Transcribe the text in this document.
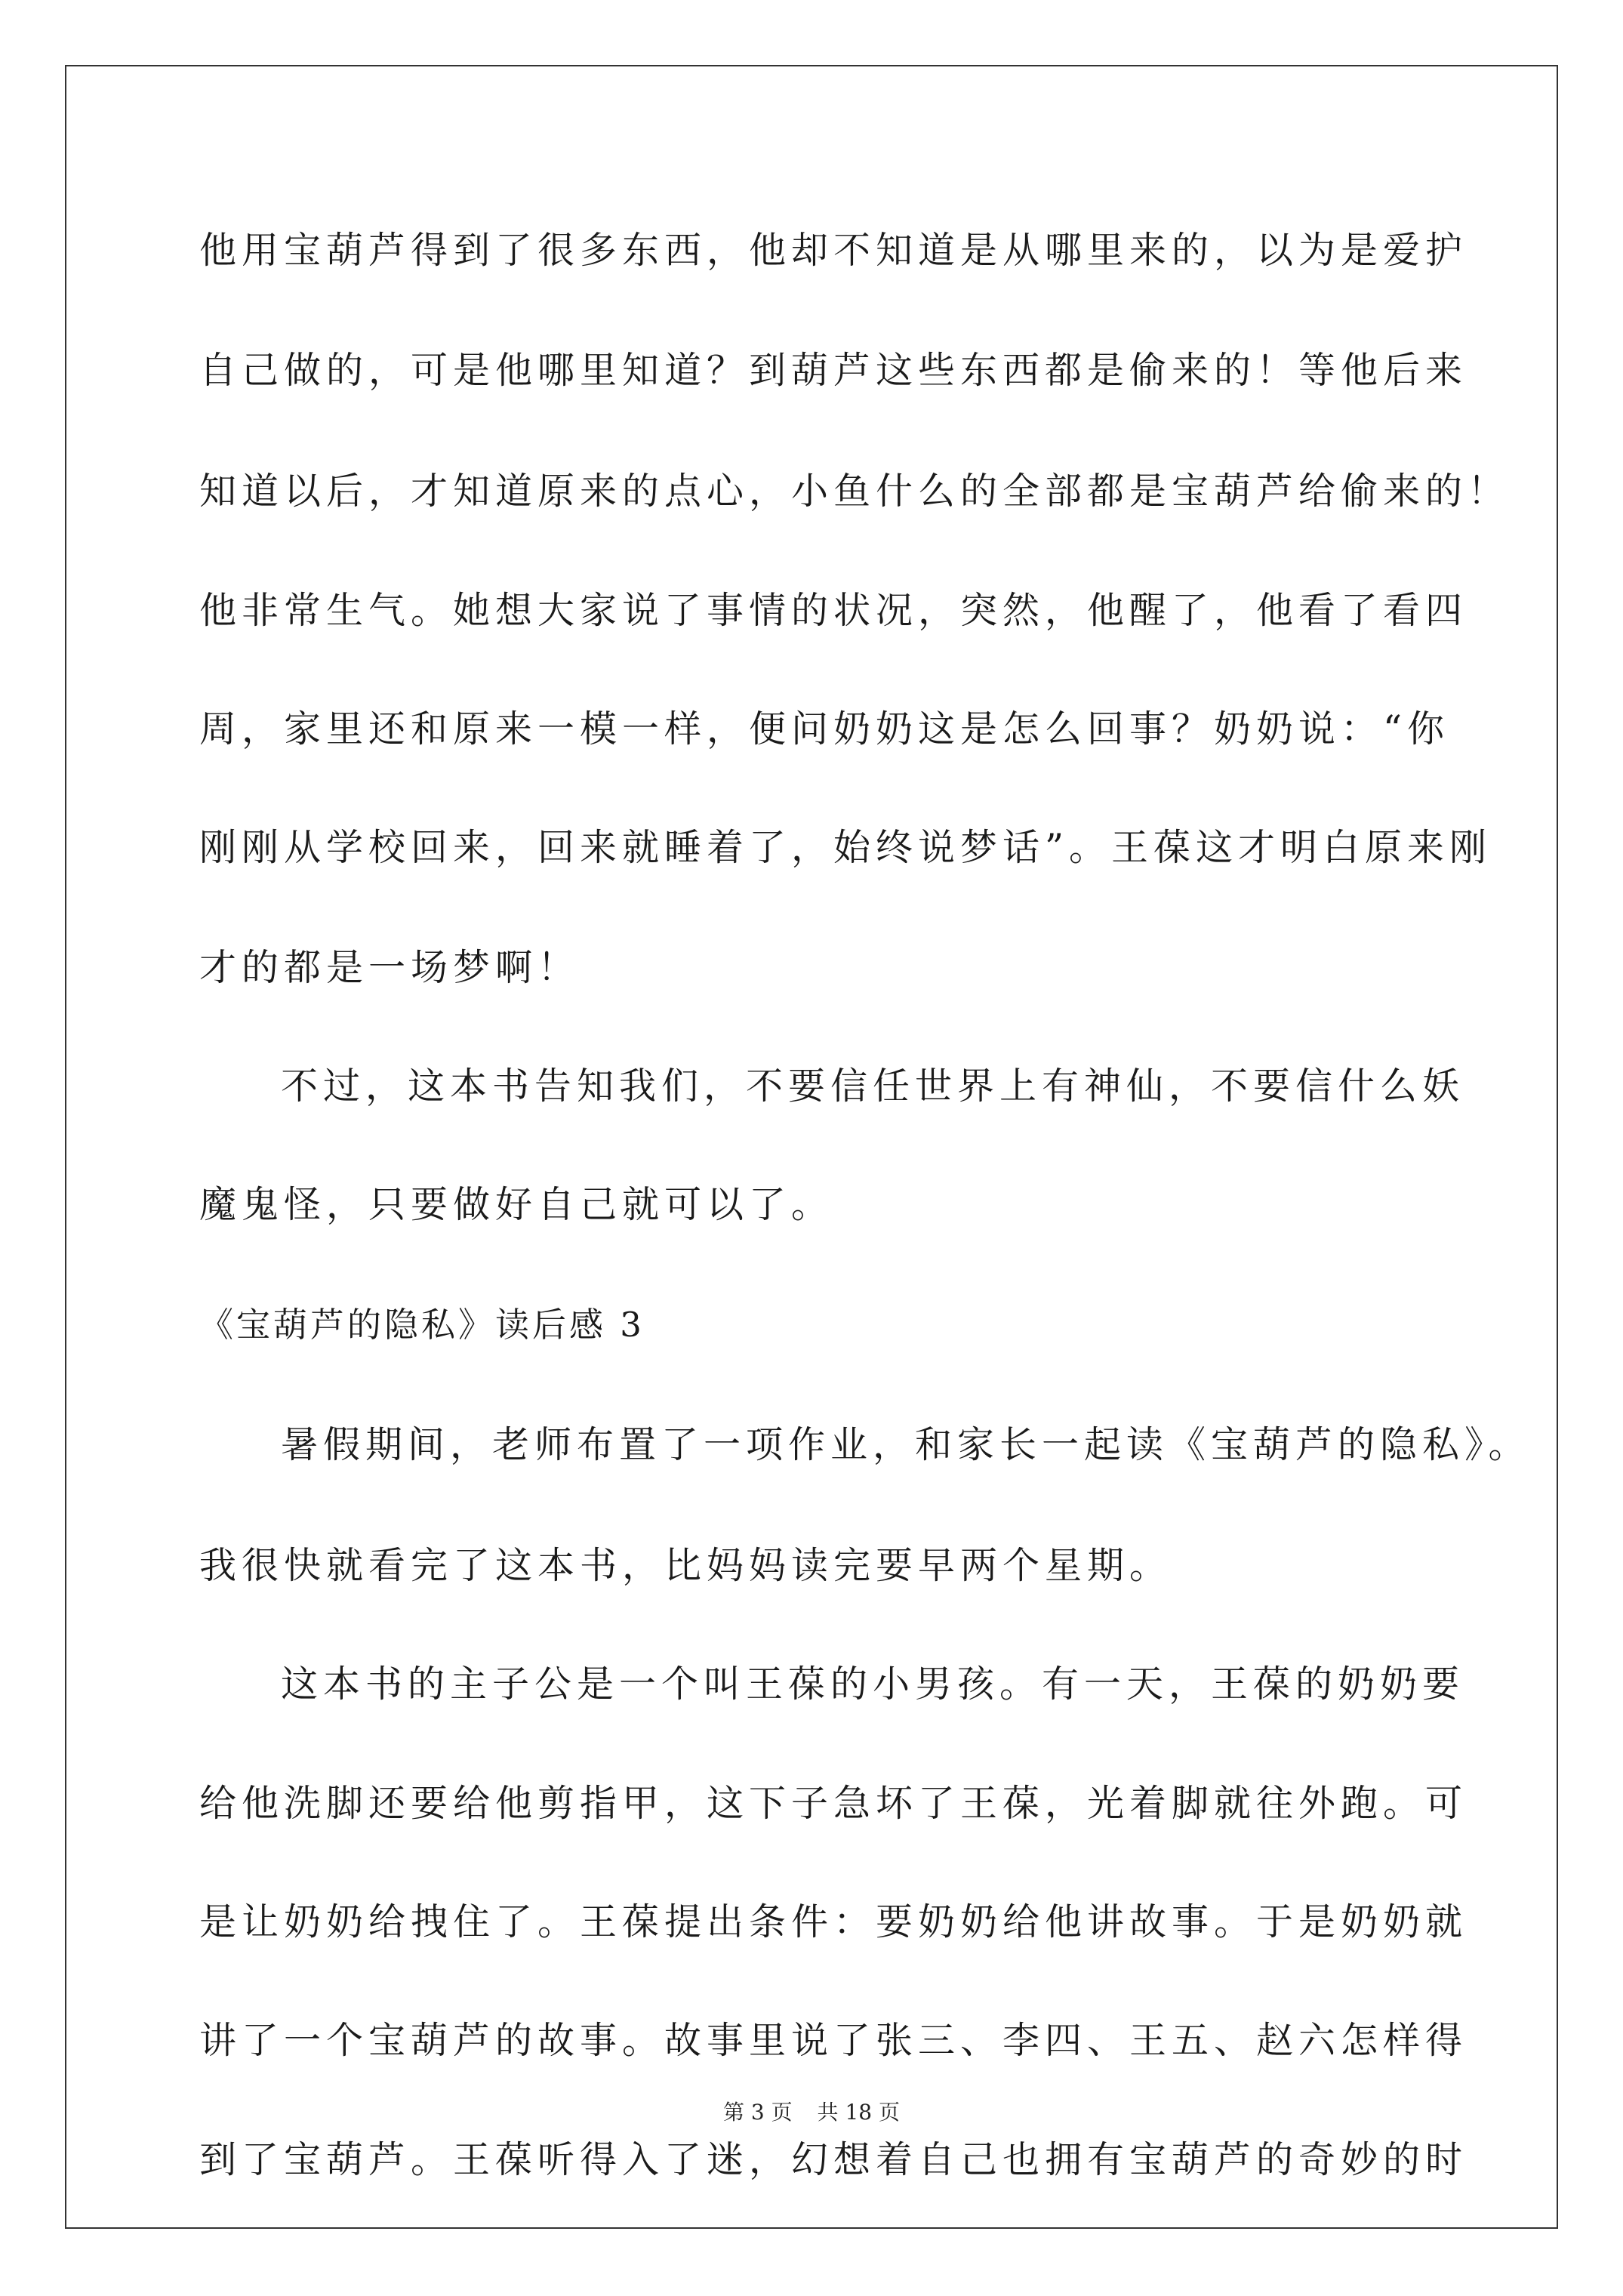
他用宝葫芦得到了很多东西，他却不知道是从哪里来的，以为是爱护
自己做的，可是他哪里知道？到葫芦这些东西都是偷来的！等他后来
知道以后，才知道原来的点心，小鱼什么的全部都是宝葫芦给偷来的！
他非常生气。她想大家说了事情的状况，突然，他醒了，他看了看四
周，家里还和原来一模一样，便问奶奶这是怎么回事？奶奶说：“你
刚刚从学校回来，回来就睡着了，始终说梦话”。王葆这才明白原来刚
才的都是一场梦啊！
不过，这本书告知我们，不要信任世界上有神仙，不要信什么妖
魔鬼怪，只要做好自己就可以了。
《宝葫芦的隐私》读后感 3
暑假期间，老师布置了一项作业，和家长一起读《宝葫芦的隐私》。
我很快就看完了这本书，比妈妈读完要早两个星期。
这本书的主子公是一个叫王葆的小男孩。有一天，王葆的奶奶要
给他洗脚还要给他剪指甲，这下子急坏了王葆，光着脚就往外跑。可
是让奶奶给拽住了。王葆提出条件：要奶奶给他讲故事。于是奶奶就
讲了一个宝葫芦的故事。故事里说了张三、李四、王五、赵六怎样得
到了宝葫芦。王葆听得入了迷，幻想着自己也拥有宝葫芦的奇妙的时
第 3 页 共 18 页
